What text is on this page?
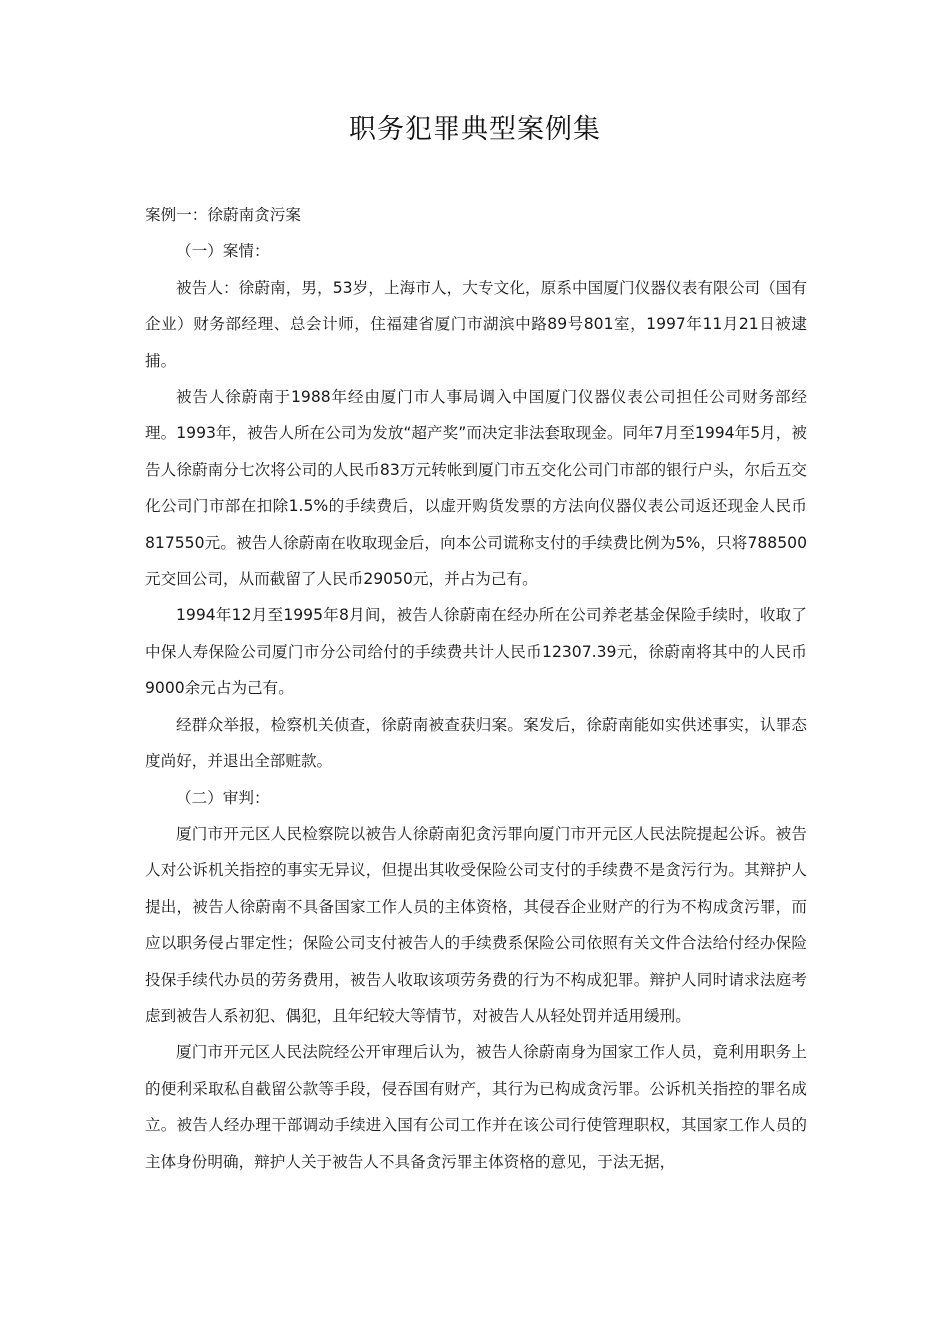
职务犯罪典型案例集

案例一：徐蔚南贪污案

（一）案情：

被告人：徐蔚南，男，53岁，上海市人，大专文化，原系中国厦门仪器仪表有限公司（国有企业）财务部经理、总会计师，住福建省厦门市湖滨中路89号801室，1997年11月21日被逮捕。

被告人徐蔚南于1988年经由厦门市人事局调入中国厦门仪器仪表公司担任公司财务部经理。1993年，被告人所在公司为发放“超产奖”而决定非法套取现金。同年7月至1994年5月，被告人徐蔚南分七次将公司的人民币83万元转帐到厦门市五交化公司门市部的银行户头，尔后五交化公司门市部在扣除1.5%的手续费后，以虚开购货发票的方法向仪器仪表公司返还现金人民币817550元。被告人徐蔚南在收取现金后，向本公司谎称支付的手续费比例为5%，只将788500元交回公司，从而截留了人民币29050元，并占为己有。

1994年12月至1995年8月间，被告人徐蔚南在经办所在公司养老基金保险手续时，收取了中保人寿保险公司厦门市分公司给付的手续费共计人民币12307.39元，徐蔚南将其中的人民币9000余元占为己有。

经群众举报，检察机关侦查，徐蔚南被查获归案。案发后，徐蔚南能如实供述事实，认罪态度尚好，并退出全部赃款。

（二）审判：

厦门市开元区人民检察院以被告人徐蔚南犯贪污罪向厦门市开元区人民法院提起公诉。被告人对公诉机关指控的事实无异议，但提出其收受保险公司支付的手续费不是贪污行为。其辩护人提出，被告人徐蔚南不具备国家工作人员的主体资格，其侵吞企业财产的行为不构成贪污罪，而应以职务侵占罪定性；保险公司支付被告人的手续费系保险公司依照有关文件合法给付经办保险投保手续代办员的劳务费用，被告人收取该项劳务费的行为不构成犯罪。辩护人同时请求法庭考虑到被告人系初犯、偶犯，且年纪较大等情节，对被告人从轻处罚并适用缓刑。

厦门市开元区人民法院经公开审理后认为，被告人徐蔚南身为国家工作人员，竟利用职务上的便利采取私自截留公款等手段，侵吞国有财产，其行为已构成贪污罪。公诉机关指控的罪名成立。被告人经办理干部调动手续进入国有公司工作并在该公司行使管理职权，其国家工作人员的主体身份明确，辩护人关于被告人不具备贪污罪主体资格的意见，于法无据，
